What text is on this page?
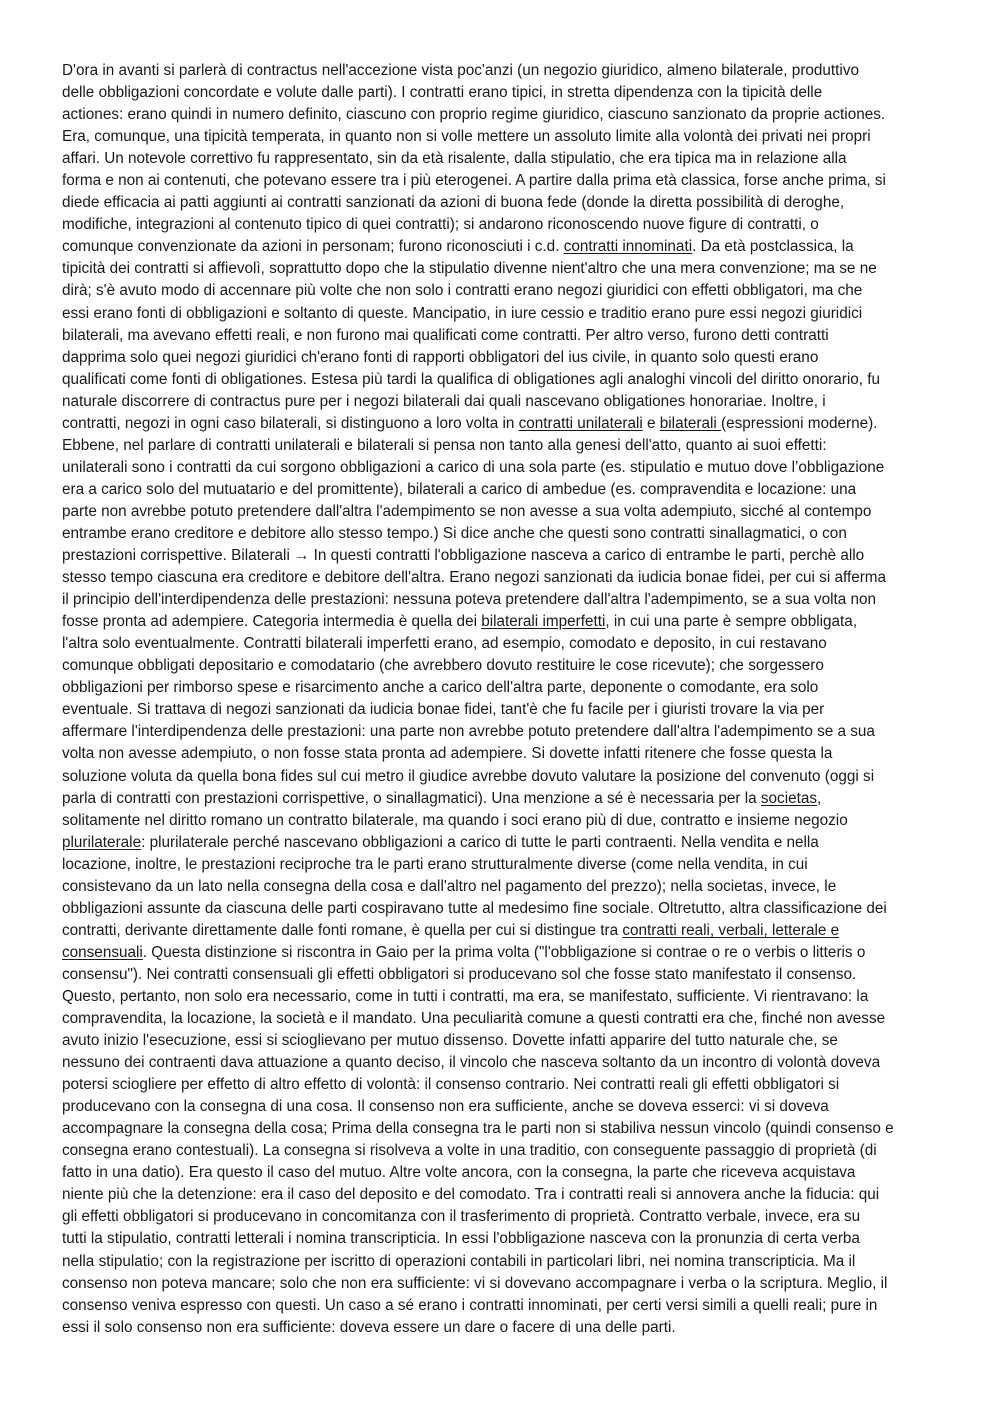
D'ora in avanti si parlerà di contractus nell'accezione vista poc'anzi (un negozio giuridico, almeno bilaterale, produttivo
delle obbligazioni concordate e volute dalle parti). I contratti erano tipici, in stretta dipendenza con la tipicità delle
actiones: erano quindi in numero definito, ciascuno con proprio regime giuridico, ciascuno sanzionato da proprie actiones.
Era, comunque, una tipicità temperata, in quanto non si volle mettere un assoluto limite alla volontà dei privati nei propri
affari. Un notevole correttivo fu rappresentato, sin da età risalente, dalla stipulatio, che era tipica ma in relazione alla
forma e non ai contenuti, che potevano essere tra i più eterogenei. A partire dalla prima età classica, forse anche prima, si
diede efficacia ai patti aggiunti ai contratti sanzionati da azioni di buona fede (donde la diretta possibilità di deroghe,
modifiche, integrazioni al contenuto tipico di quei contratti); si andarono riconoscendo nuove figure di contratti, o
comunque convenzionate da azioni in personam; furono riconosciuti i c.d. contratti innominati. Da età postclassica, la
tipicità dei contratti si affievolì, soprattutto dopo che la stipulatio divenne nient'altro che una mera convenzione; ma se ne
dirà; s'è avuto modo di accennare più volte che non solo i contratti erano negozi giuridici con effetti obbligatori, ma che
essi erano fonti di obbligazioni e soltanto di queste. Mancipatio, in iure cessio e traditio erano pure essi negozi giuridici
bilaterali, ma avevano effetti reali, e non furono mai qualificati come contratti. Per altro verso, furono detti contratti
dapprima solo quei negozi giuridici ch'erano fonti di rapporti obbligatori del ius civile, in quanto solo questi erano
qualificati come fonti di obligationes. Estesa più tardi la qualifica di obligationes agli analoghi vincoli del diritto onorario, fu
naturale discorrere di contractus pure per i negozi bilaterali dai quali nascevano obligationes honorariae. Inoltre, i
contratti, negozi in ogni caso bilaterali, si distinguono a loro volta in contratti unilaterali e bilaterali (espressioni moderne).
Ebbene, nel parlare di contratti unilaterali e bilaterali si pensa non tanto alla genesi dell'atto, quanto ai suoi effetti:
unilaterali sono i contratti da cui sorgono obbligazioni a carico di una sola parte (es. stipulatio e mutuo dove l’obbligazione
era a carico solo del mutuatario e del promittente), bilaterali a carico di ambedue (es. compravendita e locazione: una
parte non avrebbe potuto pretendere dall'altra l'adempimento se non avesse a sua volta adempiuto, sicché al contempo
entrambe erano creditore e debitore allo stesso tempo.) Si dice anche che questi sono contratti sinallagmatici, o con
prestazioni corrispettive. Bilaterali → In questi contratti l'obbligazione nasceva a carico di entrambe le parti, perchè allo
stesso tempo ciascuna era creditore e debitore dell'altra. Erano negozi sanzionati da iudicia bonae fidei, per cui si afferma
il principio dell'interdipendenza delle prestazioni: nessuna poteva pretendere dall'altra l'adempimento, se a sua volta non
fosse pronta ad adempiere. Categoria intermedia è quella dei bilaterali imperfetti, in cui una parte è sempre obbligata,
l'altra solo eventualmente. Contratti bilaterali imperfetti erano, ad esempio, comodato e deposito, in cui restavano
comunque obbligati depositario e comodatario (che avrebbero dovuto restituire le cose ricevute); che sorgessero
obbligazioni per rimborso spese e risarcimento anche a carico dell'altra parte, deponente o comodante, era solo
eventuale. Si trattava di negozi sanzionati da iudicia bonae fidei, tant'è che fu facile per i giuristi trovare la via per
affermare l'interdipendenza delle prestazioni: una parte non avrebbe potuto pretendere dall'altra l'adempimento se a sua
volta non avesse adempiuto, o non fosse stata pronta ad adempiere. Si dovette infatti ritenere che fosse questa la
soluzione voluta da quella bona fides sul cui metro il giudice avrebbe dovuto valutare la posizione del convenuto (oggi si
parla di contratti con prestazioni corrispettive, o sinallagmatici). Una menzione a sé è necessaria per la societas,
solitamente nel diritto romano un contratto bilaterale, ma quando i soci erano più di due, contratto e insieme negozio
plurilaterale: plurilaterale perché nascevano obbligazioni a carico di tutte le parti contraenti. Nella vendita e nella
locazione, inoltre, le prestazioni reciproche tra le parti erano strutturalmente diverse (come nella vendita, in cui
consistevano da un lato nella consegna della cosa e dall'altro nel pagamento del prezzo); nella societas, invece, le
obbligazioni assunte da ciascuna delle parti cospiravano tutte al medesimo fine sociale. Oltretutto, altra classificazione dei
contratti, derivante direttamente dalle fonti romane, è quella per cui si distingue tra contratti reali, verbali, letterale e
consensuali. Questa distinzione si riscontra in Gaio per la prima volta ("l'obbligazione si contrae o re o verbis o litteris o
consensu"). Nei contratti consensuali gli effetti obbligatori si producevano sol che fosse stato manifestato il consenso.
Questo, pertanto, non solo era necessario, come in tutti i contratti, ma era, se manifestato, sufficiente. Vi rientravano: la
compravendita, la locazione, la società e il mandato. Una peculiarità comune a questi contratti era che, finché non avesse
avuto inizio l'esecuzione, essi si scioglievano per mutuo dissenso. Dovette infatti apparire del tutto naturale che, se
nessuno dei contraenti dava attuazione a quanto deciso, il vincolo che nasceva soltanto da un incontro di volontà doveva
potersi sciogliere per effetto di altro effetto di volontà: il consenso contrario. Nei contratti reali gli effetti obbligatori si
producevano con la consegna di una cosa. Il consenso non era sufficiente, anche se doveva esserci: vi si doveva
accompagnare la consegna della cosa; Prima della consegna tra le parti non si stabiliva nessun vincolo (quindi consenso e
consegna erano contestuali). La consegna si risolveva a volte in una traditio, con conseguente passaggio di proprietà (di
fatto in una datio). Era questo il caso del mutuo. Altre volte ancora, con la consegna, la parte che riceveva acquistava
niente più che la detenzione: era il caso del deposito e del comodato. Tra i contratti reali si annovera anche la fiducia: qui
gli effetti obbligatori si producevano in concomitanza con il trasferimento di proprietà. Contratto verbale, invece, era su
tutti la stipulatio, contratti letterali i nomina transcripticia. In essi l'obbligazione nasceva con la pronunzia di certa verba
nella stipulatio; con la registrazione per iscritto di operazioni contabili in particolari libri, nei nomina transcripticia. Ma il
consenso non poteva mancare; solo che non era sufficiente: vi si dovevano accompagnare i verba o la scriptura. Meglio, il
consenso veniva espresso con questi. Un caso a sé erano i contratti innominati, per certi versi simili a quelli reali; pure in
essi il solo consenso non era sufficiente: doveva essere un dare o facere di una delle parti.
